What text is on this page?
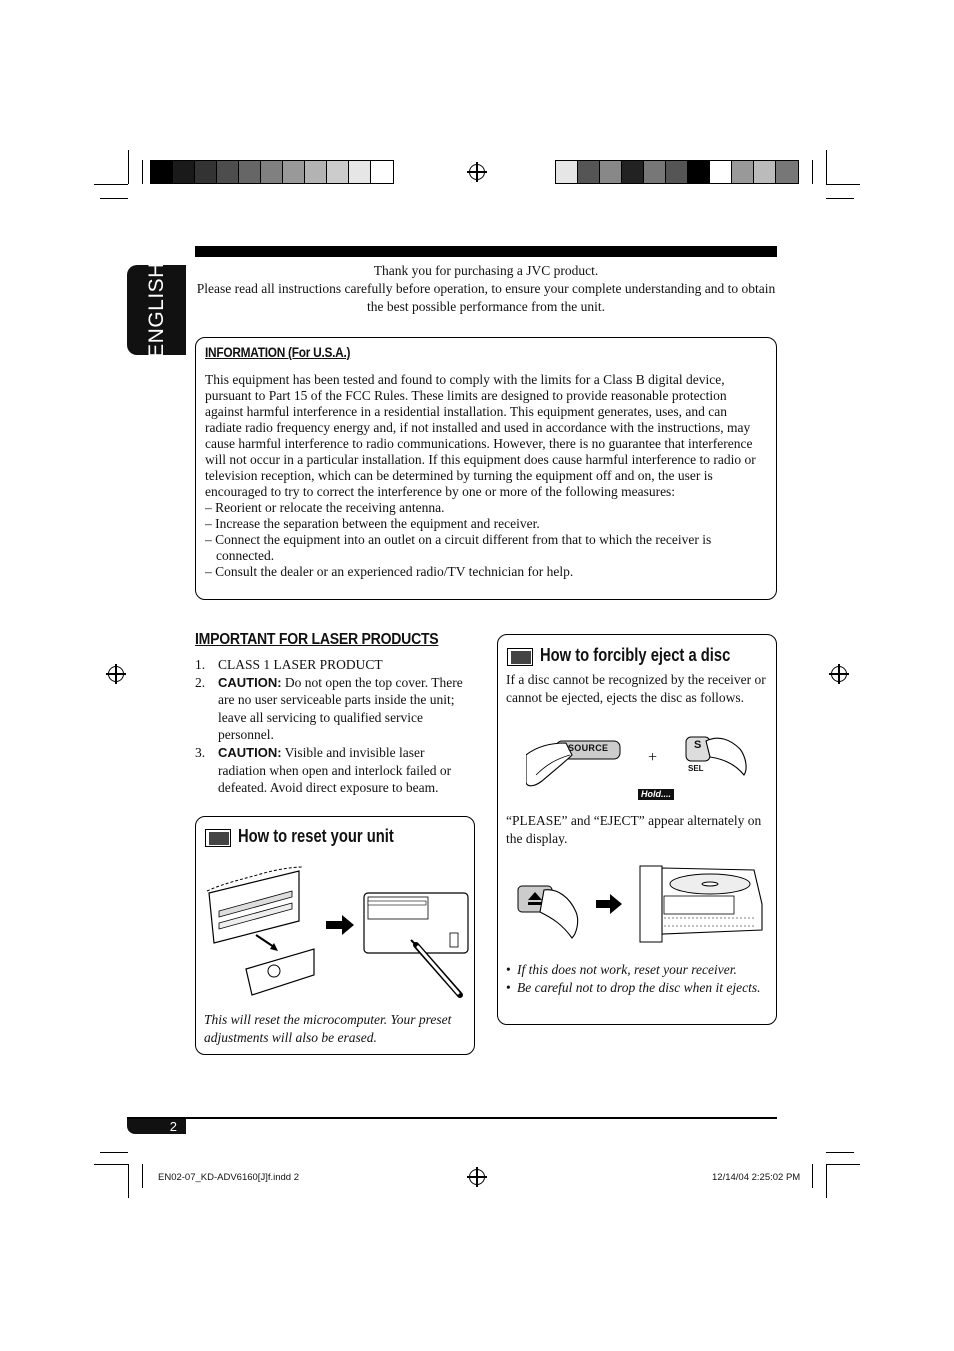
ENGLISH	Thank you for purchasing a JVC product.
Please read all instructions carefully before operation, to ensure your complete understanding and to obtain the best possible performance from the unit.
INFORMATION (For U.S.A.)
This equipment has been tested and found to comply with the limits for a Class B digital device, pursuant to Part 15 of the FCC Rules. These limits are designed to provide reasonable protection against harmful interference in a residential installation. This equipment generates, uses, and can radiate radio frequency energy and, if not installed and used in accordance with the instructions, may cause harmful interference to radio communications. However, there is no guarantee that interference will not occur in a particular installation. If this equipment does cause harmful interference to radio or television reception, which can be determined by turning the equipment off and on, the user is encouraged to try to correct the interference by one or more of the following measures:
– Reorient or relocate the receiving antenna.
– Increase the separation between the equipment and receiver.
– Connect the equipment into an outlet on a circuit different from that to which the receiver is connected.
– Consult the dealer or an experienced radio/TV technician for help.
IMPORTANT FOR LASER PRODUCTS
1. CLASS 1 LASER PRODUCT
2. CAUTION: Do not open the top cover. There are no user serviceable parts inside the unit; leave all servicing to qualified service personnel.
3. CAUTION: Visible and invisible laser radiation when open and interlock failed or defeated. Avoid direct exposure to beam.
How to reset your unit
This will reset the microcomputer. Your preset adjustments will also be erased.
How to forcibly eject a disc
If a disc cannot be recognized by the receiver or cannot be ejected, ejects the disc as follows.
SOURCE
+
S
SEL
Hold....
“PLEASE” and “EJECT” appear alternately on the display.
• If this does not work, reset your receiver.
• Be careful not to drop the disc when it ejects.
2
EN02-07_KD-ADV6160[J]f.indd 2	12/14/04 2:25:02 PM
